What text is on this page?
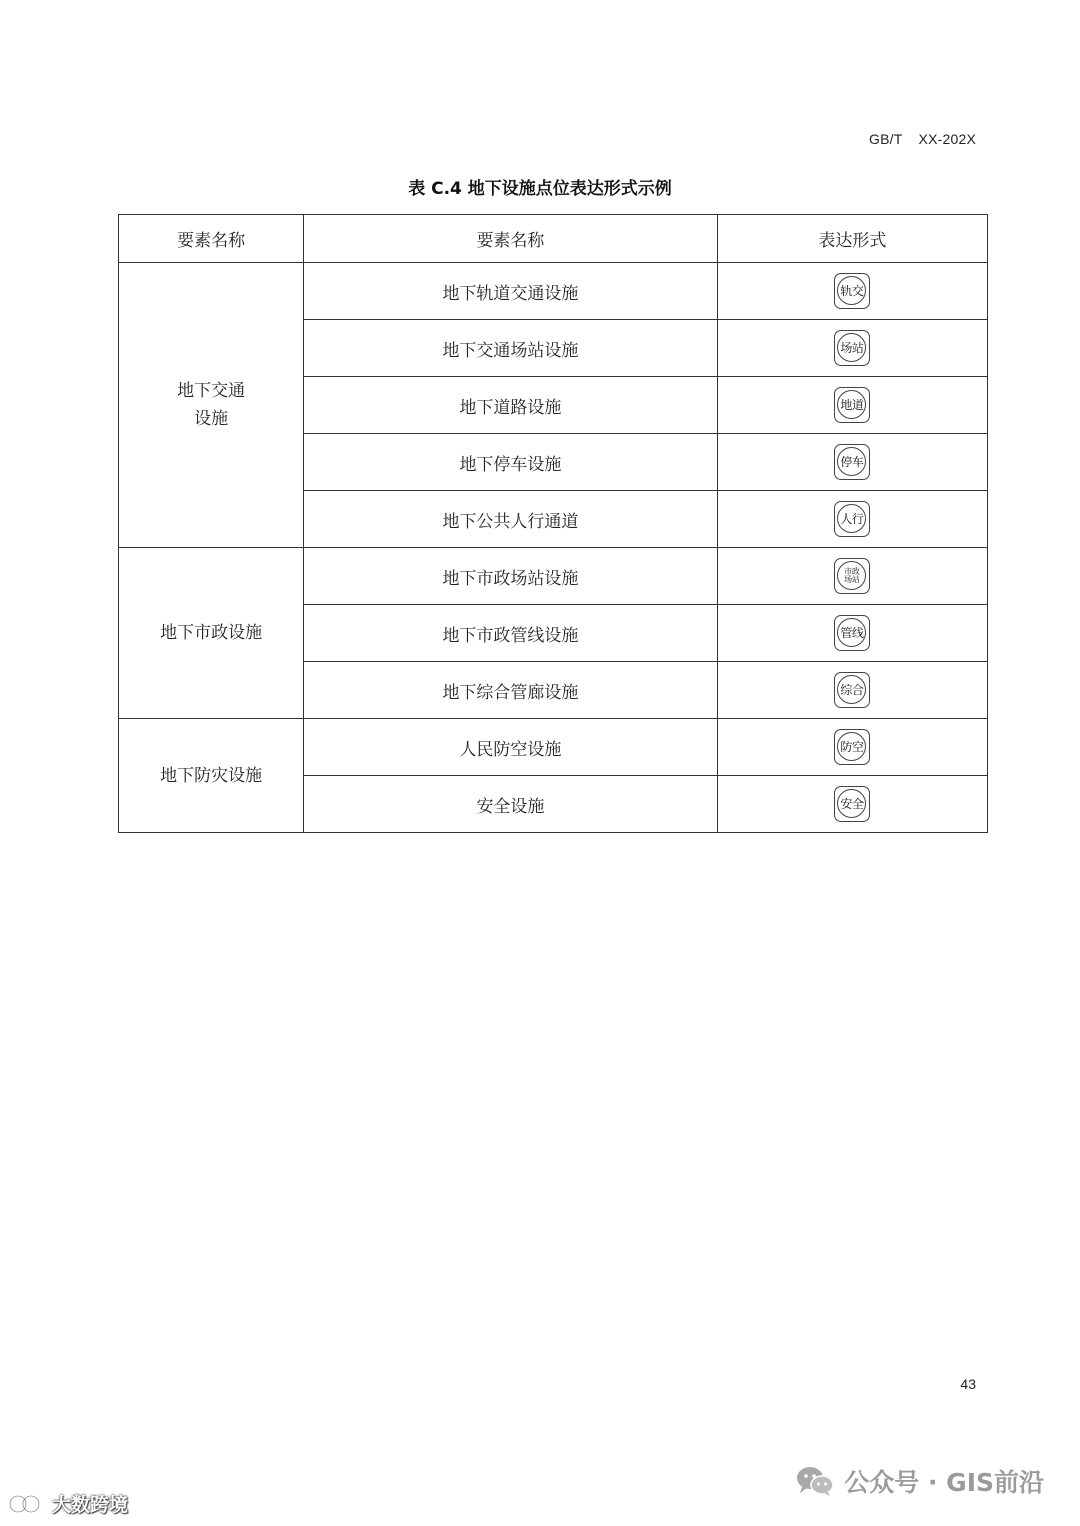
GB/T    XX-202X
表 C.4 地下设施点位表达形式示例
要素名称	要素名称	表达形式

地下交通
设施	地下轨道交通设施	轨交

	地下交通场站设施	场站

	地下道路设施	地道

	地下停车设施	停车

	地下公共人行通道	人行

地下市政设施	地下市政场站设施	市政场站

	地下市政管线设施	管线

	地下综合管廊设施	综合

地下防灾设施	人民防空设施	防空

	安全设施	安全
43
公众号 · GIS前沿
大数跨境
